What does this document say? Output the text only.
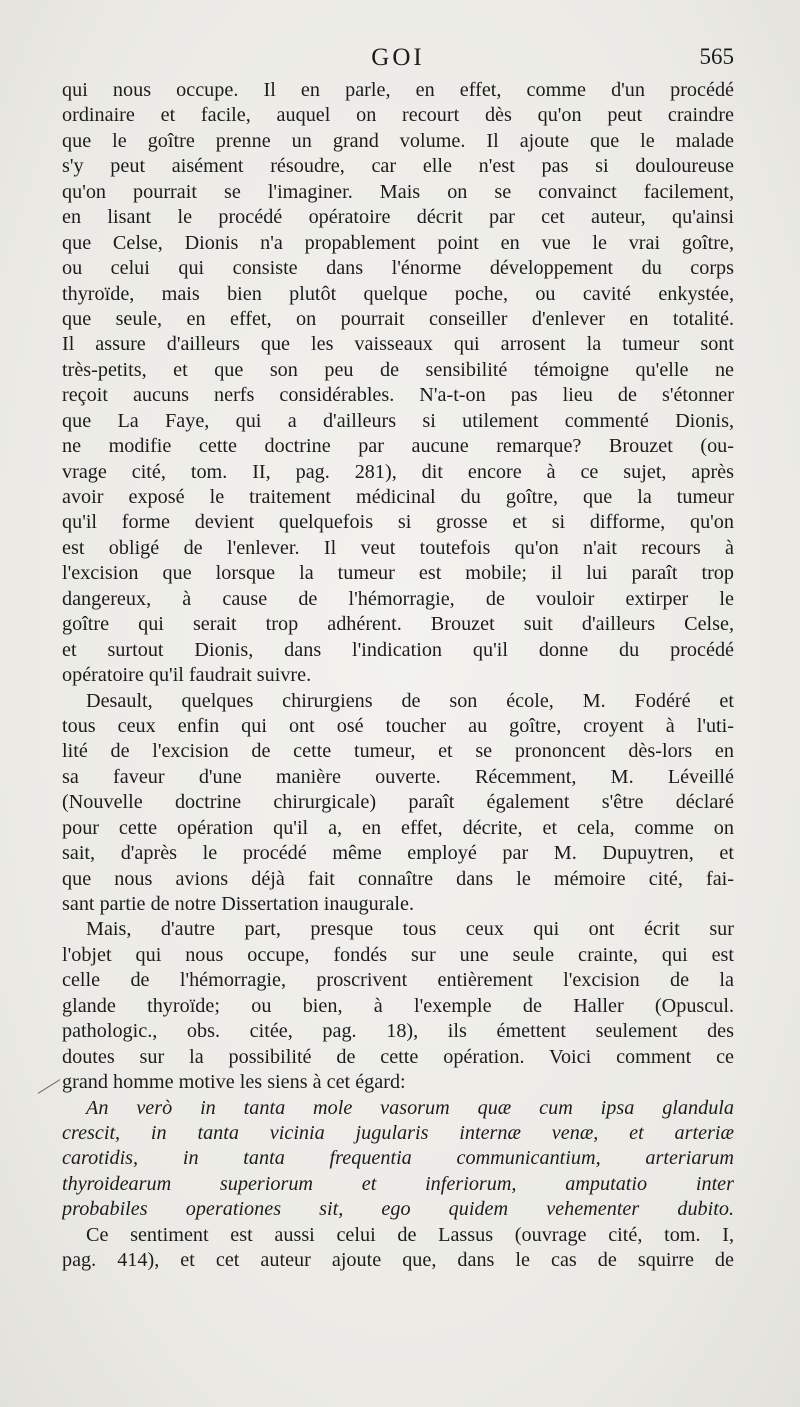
GOI	565
qui nous occupe. Il en parle, en effet, comme d'un procédé
ordinaire et facile, auquel on recourt dès qu'on peut craindre
que le goître prenne un grand volume. Il ajoute que le malade
s'y peut aisément résoudre, car elle n'est pas si douloureuse
qu'on pourrait se l'imaginer. Mais on se convainct facilement,
en lisant le procédé opératoire décrit par cet auteur, qu'ainsi
que Celse, Dionis n'a propablement point en vue le vrai goître,
ou celui qui consiste dans l'énorme développement du corps
thyroïde, mais bien plutôt quelque poche, ou cavité enkystée,
que seule, en effet, on pourrait conseiller d'enlever en totalité.
Il assure d'ailleurs que les vaisseaux qui arrosent la tumeur sont
très-petits, et que son peu de sensibilité témoigne qu'elle ne
reçoit aucuns nerfs considérables. N'a-t-on pas lieu de s'étonner
que La Faye, qui a d'ailleurs si utilement commenté Dionis,
ne modifie cette doctrine par aucune remarque? Brouzet (ou-
vrage cité, tom. II, pag. 281), dit encore à ce sujet, après
avoir exposé le traitement médicinal du goître, que la tumeur
qu'il forme devient quelquefois si grosse et si difforme, qu'on
est obligé de l'enlever. Il veut toutefois qu'on n'ait recours à
l'excision que lorsque la tumeur est mobile; il lui paraît trop
dangereux, à cause de l'hémorragie, de vouloir extirper le
goître qui serait trop adhérent. Brouzet suit d'ailleurs Celse,
et surtout Dionis, dans l'indication qu'il donne du procédé
opératoire qu'il faudrait suivre.
Desault, quelques chirurgiens de son école, M. Fodéré et
tous ceux enfin qui ont osé toucher au goître, croyent à l'uti-
lité de l'excision de cette tumeur, et se prononcent dès-lors en
sa faveur d'une manière ouverte. Récemment, M. Léveillé
(Nouvelle doctrine chirurgicale) paraît également s'être déclaré
pour cette opération qu'il a, en effet, décrite, et cela, comme on
sait, d'après le procédé même employé par M. Dupuytren, et
que nous avions déjà fait connaître dans le mémoire cité, fai-
sant partie de notre Dissertation inaugurale.
Mais, d'autre part, presque tous ceux qui ont écrit sur
l'objet qui nous occupe, fondés sur une seule crainte, qui est
celle de l'hémorragie, proscrivent entièrement l'excision de la
glande thyroïde; ou bien, à l'exemple de Haller (Opuscul.
pathologic., obs. citée, pag. 18), ils émettent seulement des
doutes sur la possibilité de cette opération. Voici comment ce
grand homme motive les siens à cet égard:
An verò in tanta mole vasorum quæ cum ipsa glandula
crescit, in tanta vicinia jugularis internæ venæ, et arteriæ
carotidis, in tanta frequentia communicantium, arteriarum
thyroidearum superiorum et inferiorum, amputatio inter
probabiles operationes sit, ego quidem vehementer dubito.
Ce sentiment est aussi celui de Lassus (ouvrage cité, tom. I,
pag. 414), et cet auteur ajoute que, dans le cas de squirre de
